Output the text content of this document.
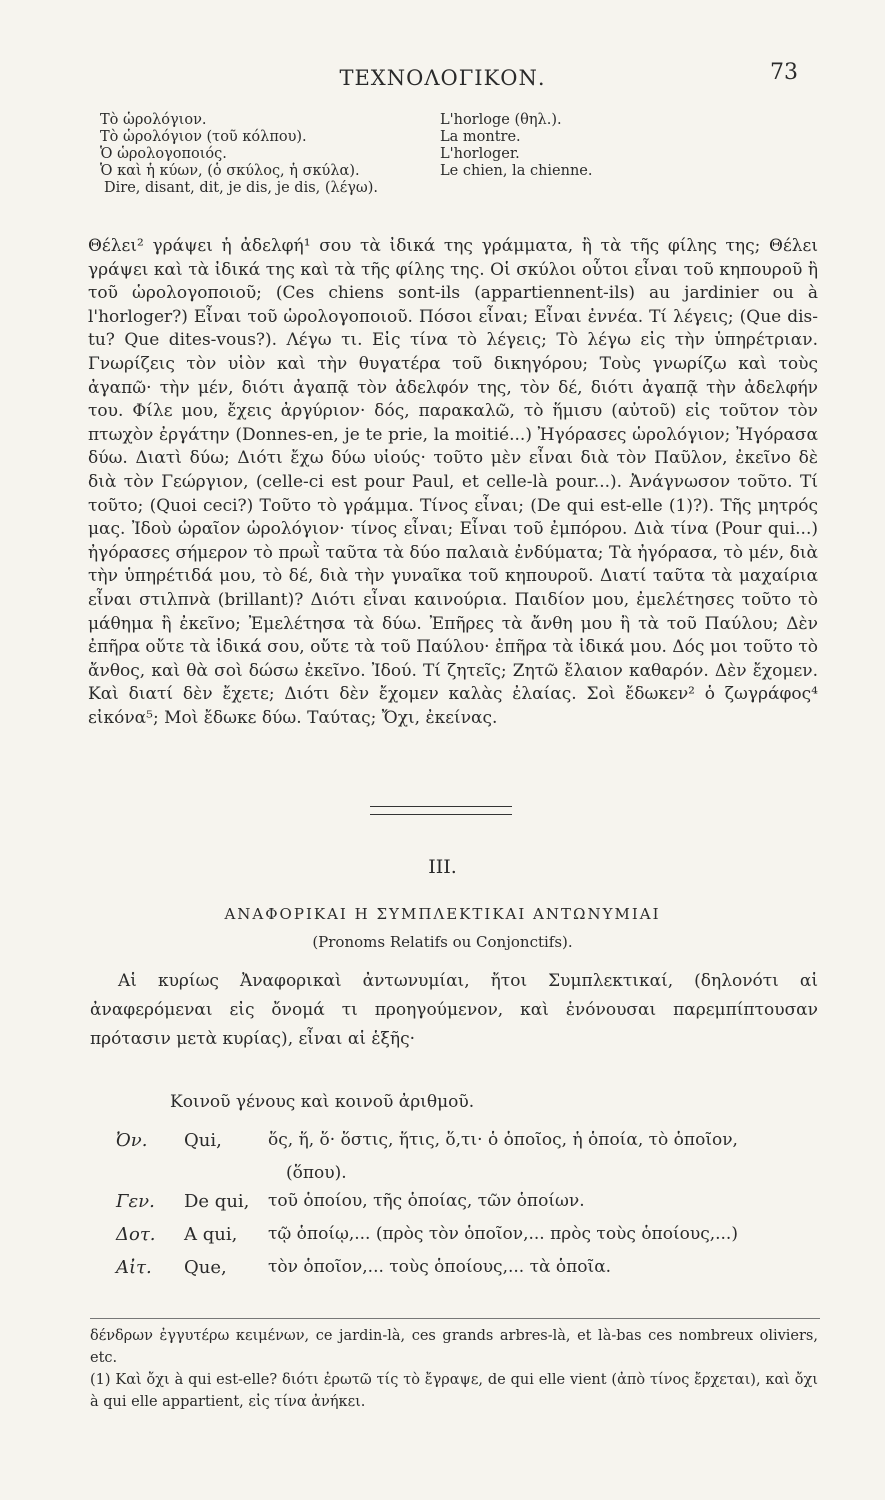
ΤΕΧΝΟΛΟΓΙΚΟΝ.	73
Τὸ ὡρολόγιον.	L'horloge (θηλ.).
Τὸ ὡρολόγιον (τοῦ κόλπου).	La montre.
Ὁ ὡρολογοποιός.	L'horloger.
Ὁ καὶ ἡ κύων, (ὁ σκύλος, ἡ σκύλα).	Le chien, la chienne.
Dire, disant, dit, je dis, je dis, (λέγω).

Θέλει² γράψει ἡ ἀδελφή¹ σου τὰ ἰδικά της γράμματα, ἢ τὰ τῆς φίλης της; Θέλει γράψει καὶ τὰ ἰδικά της καὶ τὰ τῆς φίλης της. Οἱ σκύλοι οὗτοι εἶναι τοῦ κηπουροῦ ἢ τοῦ ὡρολογοποιοῦ; (Ces chiens sont-ils (appartiennent-ils) au jardinier ou à l'horloger?) Εἶναι τοῦ ὡρολογοποιοῦ. Πόσοι εἶναι; Εἶναι ἐννέα. Τί λέγεις; (Que dis-tu? Que dites-vous?). Λέγω τι. Εἰς τίνα τὸ λέγεις; Τὸ λέγω εἰς τὴν ὑπηρέτριαν. Γνωρίζεις τὸν υἱὸν καὶ τὴν θυγατέρα τοῦ δικηγόρου; Τοὺς γνωρίζω καὶ τοὺς ἀγαπῶ· τὴν μέν, διότι ἀγαπᾷ τὸν ἀδελφόν της, τὸν δέ, διότι ἀγαπᾷ τὴν ἀδελφήν του. Φίλε μου, ἔχεις ἀργύριον· δός, παρακαλῶ, τὸ ἥμισυ (αὐτοῦ) εἰς τοῦτον τὸν πτωχὸν ἐργάτην (Donnes-en, je te prie, la moitié...) Ἠγόρασες ὡρολόγιον; Ἠγόρασα δύω. Διατὶ δύω; Διότι ἔχω δύω υἱούς· τοῦτο μὲν εἶναι διὰ τὸν Παῦλον, ἐκεῖνο δὲ διὰ τὸν Γεώργιον, (celle-ci est pour Paul, et celle-là pour...). Ἀνάγνωσον τοῦτο. Τί τοῦτο; (Quoi ceci?) Τοῦτο τὸ γράμμα. Τίνος εἶναι; (De qui est-elle (1)?). Τῆς μητρός μας. Ἰδοὺ ὡραῖον ὡρολόγιον· τίνος εἶναι; Εἶναι τοῦ ἐμπόρου. Διὰ τίνα (Pour qui...) ἠγόρασες σήμερον τὸ πρωῒ ταῦτα τὰ δύο παλαιὰ ἐνδύματα; Τὰ ἠγόρασα, τὸ μέν, διὰ τὴν ὑπηρέτιδά μου, τὸ δέ, διὰ τὴν γυναῖκα τοῦ κηπουροῦ. Διατί ταῦτα τὰ μαχαίρια εἶναι στιλπνὰ (brillant)? Διότι εἶναι καινούρια. Παιδίον μου, ἐμελέτησες τοῦτο τὸ μάθημα ἢ ἐκεῖνο; Ἐμελέτησα τὰ δύω. Ἐπῆρες τὰ ἄνθη μου ἢ τὰ τοῦ Παύλου; Δὲν ἐπῆρα οὔτε τὰ ἰδικά σου, οὔτε τὰ τοῦ Παύλου· ἐπῆρα τὰ ἰδικά μου. Δός μοι τοῦτο τὸ ἄνθος, καὶ θὰ σοὶ δώσω ἐκεῖνο. Ἰδού. Τί ζητεῖς; Ζητῶ ἔλαιον καθαρόν. Δὲν ἔχομεν. Καὶ διατί δὲν ἔχετε; Διότι δὲν ἔχομεν καλὰς ἐλαίας. Σοὶ ἔδωκεν² ὁ ζωγράφος⁴ εἰκόνα⁵; Μοὶ ἔδωκε δύω. Ταύτας; Ὄχι, ἐκείνας.

III.
ΑΝΑΦΟΡΙΚΑΙ Η ΣΥΜΠΛΕΚΤΙΚΑΙ ΑΝΤΩΝΥΜΙΑΙ
(Pronoms Relatifs ou Conjonctifs).

Αἱ κυρίως Ἀναφορικαὶ ἀντωνυμίαι, ἤτοι Συμπλεκτικαί, (δηλονότι αἱ ἀναφερόμεναι εἰς ὄνομά τι προηγούμενον, καὶ ἑνόνουσαι παρεμπίπτουσαν πρότασιν μετὰ κυρίας), εἶναι αἱ ἑξῆς·

Κοινοῦ γένους καὶ κοινοῦ ἀριθμοῦ.
Ὀν. Qui,	ὅς, ἥ, ὅ· ὅστις, ἥτις, ὅ,τι· ὁ ὁποῖος, ἡ ὁποία, τὸ ὁποῖον,
(ὅπου).
Γεν. De qui, τοῦ ὁποίου, τῆς ὁποίας, τῶν ὁποίων.
Δοτ. A qui, τῷ ὁποίῳ,... (πρὸς τὸν ὁποῖον,... πρὸς τοὺς ὁποίους,...)
Αἰτ. Que, τὸν ὁποῖον,... τοὺς ὁποίους,... τὰ ὁποῖα.

δένδρων ἐγγυτέρω κειμένων, ce jardin-là, ces grands arbres-là, et là-bas ces nombreux oliviers, etc.

(1) Καὶ ὄχι à qui est-elle? διότι ἐρωτῶ τίς τὸ ἔγραψε, de qui elle vient (ἀπὸ τίνος ἔρχεται), καὶ ὄχι à qui elle appartient, εἰς τίνα ἀνήκει.
